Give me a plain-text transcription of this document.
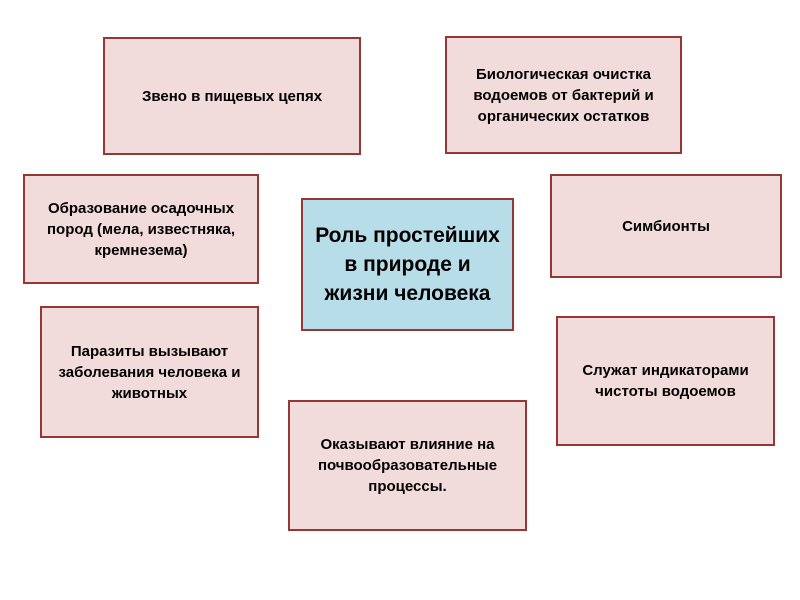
Звено в пищевых цепях
Биологическая очистка водоемов от бактерий и органических остатков
Образование осадочных пород (мела, известняка, кремнезема)
Симбионты
Роль простейших в природе и жизни человека
Паразиты вызывают заболевания человека и животных
Служат индикаторами чистоты водоемов
Оказывают влияние на почвообразовательные процессы.
